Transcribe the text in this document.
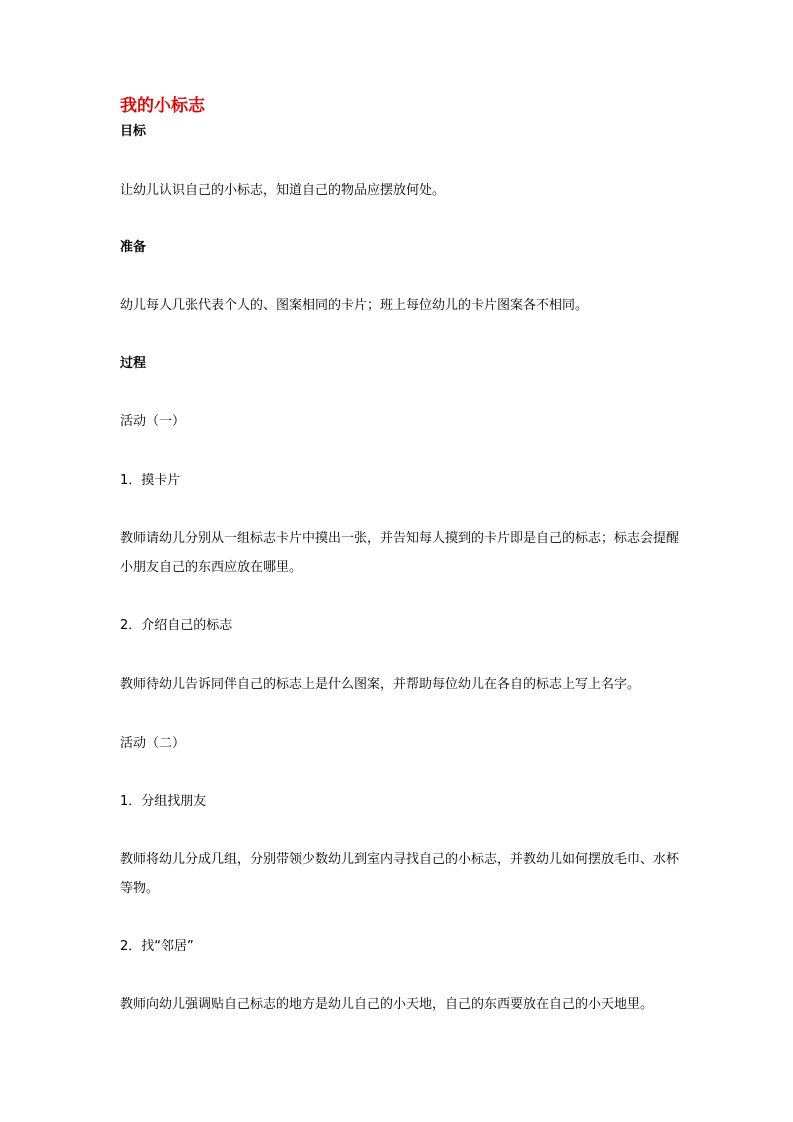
我的小标志

目标

让幼儿认识自己的小标志，知道自己的物品应摆放何处。

准备

幼儿每人几张代表个人的、图案相同的卡片；班上每位幼儿的卡片图案各不相同。

过程

活动（一）

1．摸卡片

教师请幼儿分别从一组标志卡片中摸出一张，并告知每人摸到的卡片即是自己的标志；标志会提醒小朋友自己的东西应放在哪里。

2．介绍自己的标志

教师待幼儿告诉同伴自己的标志上是什么图案，并帮助每位幼儿在各自的标志上写上名字。

活动（二）

1．分组找朋友

教师将幼儿分成几组，分别带领少数幼儿到室内寻找自己的小标志，并教幼儿如何摆放毛巾、水杯等物。

2．找“邻居”

教师向幼儿强调贴自己标志的地方是幼儿自己的小天地，自己的东西要放在自己的小天地里。
